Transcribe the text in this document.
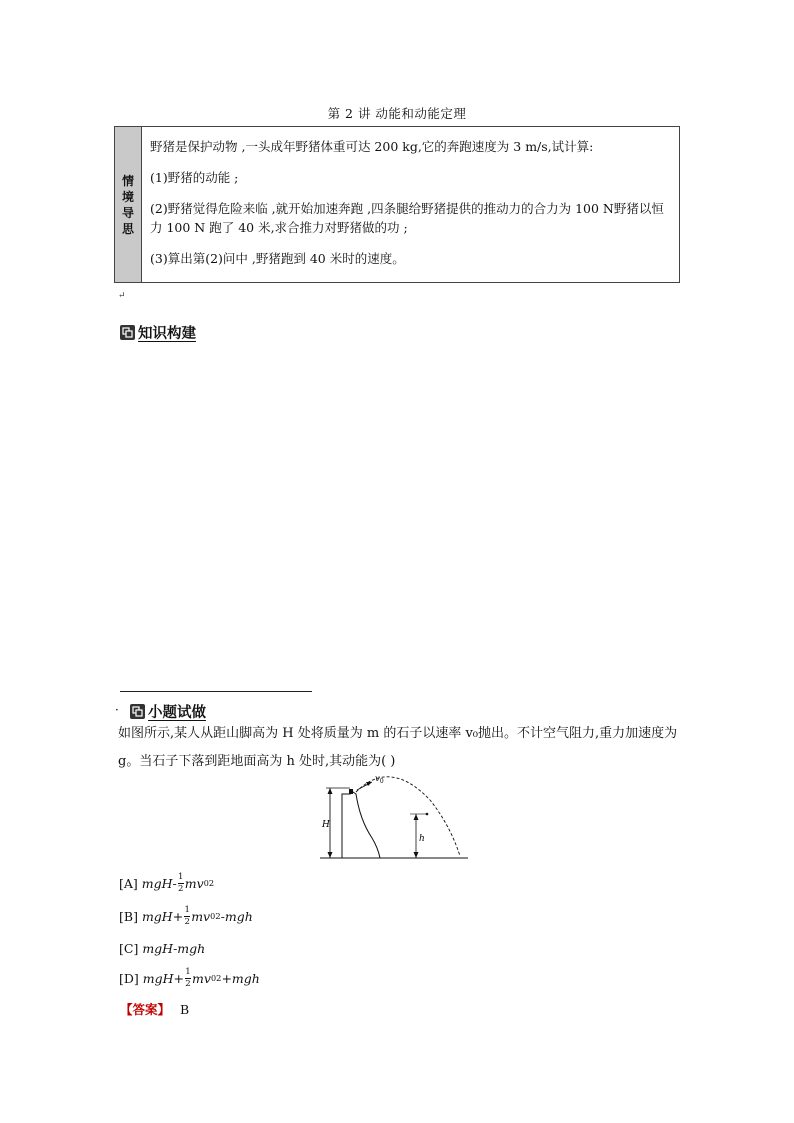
第 2 讲 动能和动能定理
情
境
导
思

野猪是保护动物 ,一头成年野猪体重可达 200 kg,它的奔跑速度为 3 m/s,试计算:

(1)野猪的动能 ;

(2)野猪觉得危险来临 ,就开始加速奔跑 ,四条腿给野猪提供的推动力的合力为 100 N野猪以恒力 100 N 跑了 40 米,求合推力对野猪做的功 ;

(3)算出第(2)问中 ,野猪跑到 40 米时的速度。

↵
知识构建
· 小题试做
如图所示,某人从距山脚高为 H 处将质量为 m 的石子以速率 v₀抛出。不计空气阻力,重力加速度为 g。当石子下落到距地面高为 h 处时,其动能为( )
H
$v_0$
h
[A] $mgH- \frac{1}{2}$ mv 0 2
[B] $mgH+ \frac{1}{2}$ mv 0 2 -mgh
[C] mgH-mgh
[D] $mgH+ \frac{1}{2}$ mv 0 2 +mgh
【答案】 B
